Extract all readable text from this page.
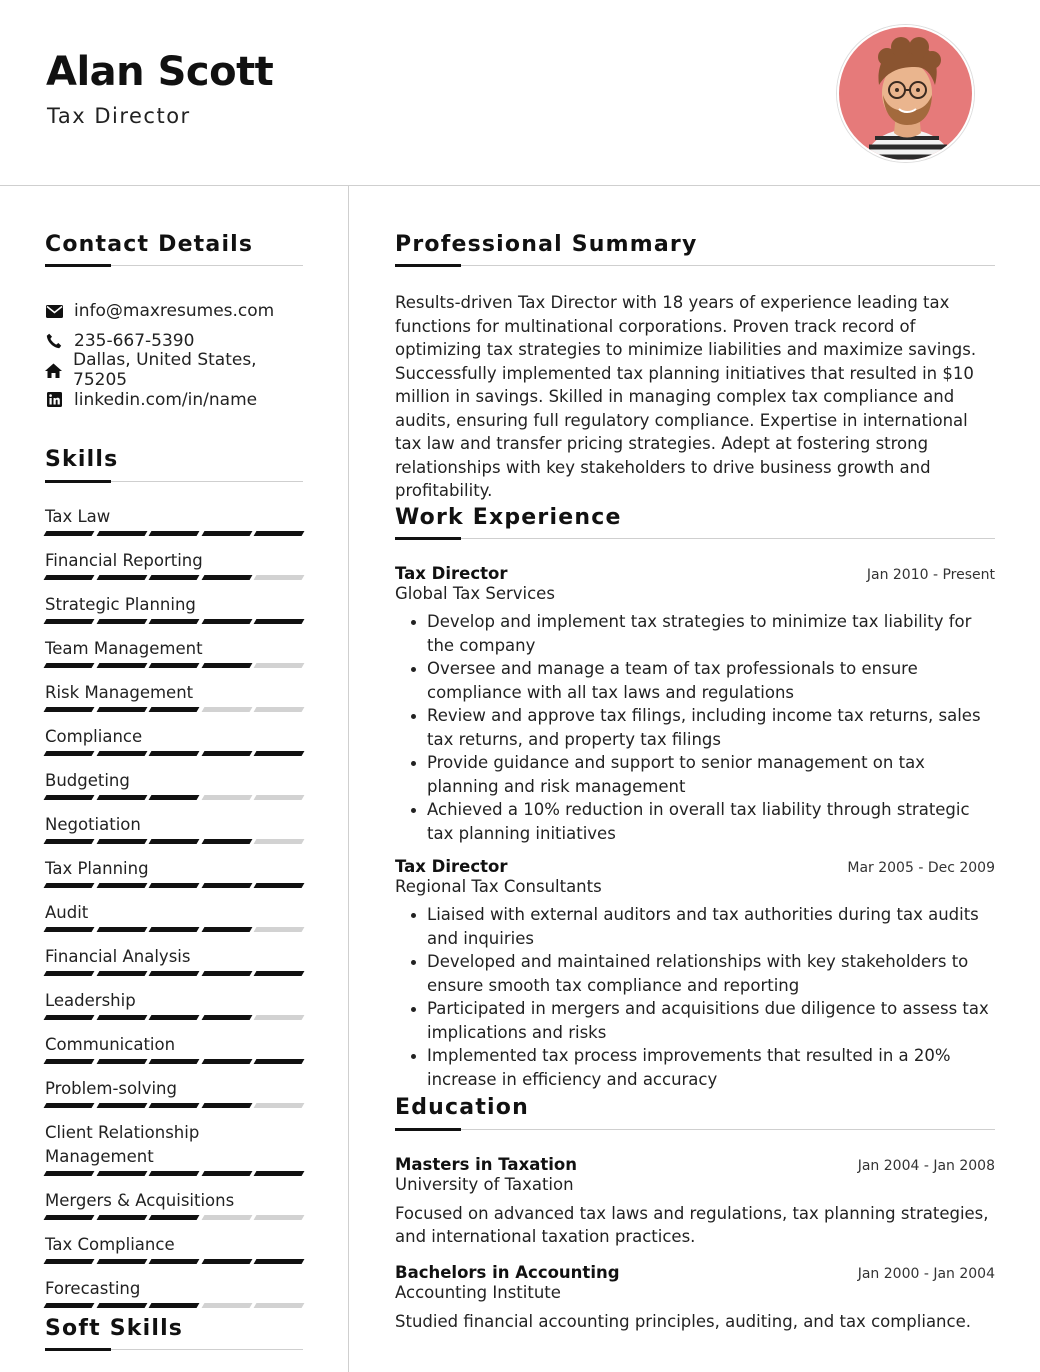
Alan Scott
Tax Director
Contact Details
info@maxresumes.com
235-667-5390
Dallas, United States, 75205
linkedin.com/in/name
Skills
Tax Law
Financial Reporting
Strategic Planning
Team Management
Risk Management
Compliance
Budgeting
Negotiation
Tax Planning
Audit
Financial Analysis
Leadership
Communication
Problem-solving
Client Relationship Management
Mergers & Acquisitions
Tax Compliance
Forecasting
Soft Skills
Professional Summary

Results-driven Tax Director with 18 years of experience leading tax functions for multinational corporations. Proven track record of optimizing tax strategies to minimize liabilities and maximize savings. Successfully implemented tax planning initiatives that resulted in $10 million in savings. Skilled in managing complex tax compliance and audits, ensuring full regulatory compliance. Expertise in international tax law and transfer pricing strategies. Adept at fostering strong relationships with key stakeholders to drive business growth and profitability.

Work Experience
Tax Director	Jan 2010 - Present
Global Tax Services
Develop and implement tax strategies to minimize tax liability for the company
Oversee and manage a team of tax professionals to ensure compliance with all tax laws and regulations
Review and approve tax filings, including income tax returns, sales tax returns, and property tax filings
Provide guidance and support to senior management on tax planning and risk management
Achieved a 10% reduction in overall tax liability through strategic tax planning initiatives
Tax Director	Mar 2005 - Dec 2009
Regional Tax Consultants
Liaised with external auditors and tax authorities during tax audits and inquiries
Developed and maintained relationships with key stakeholders to ensure smooth tax compliance and reporting
Participated in mergers and acquisitions due diligence to assess tax implications and risks
Implemented tax process improvements that resulted in a 20% increase in efficiency and accuracy
Education
Masters in Taxation	Jan 2004 - Jan 2008
University of Taxation

Focused on advanced tax laws and regulations, tax planning strategies, and international taxation practices.

Bachelors in Accounting	Jan 2000 - Jan 2004
Accounting Institute

Studied financial accounting principles, auditing, and tax compliance.
